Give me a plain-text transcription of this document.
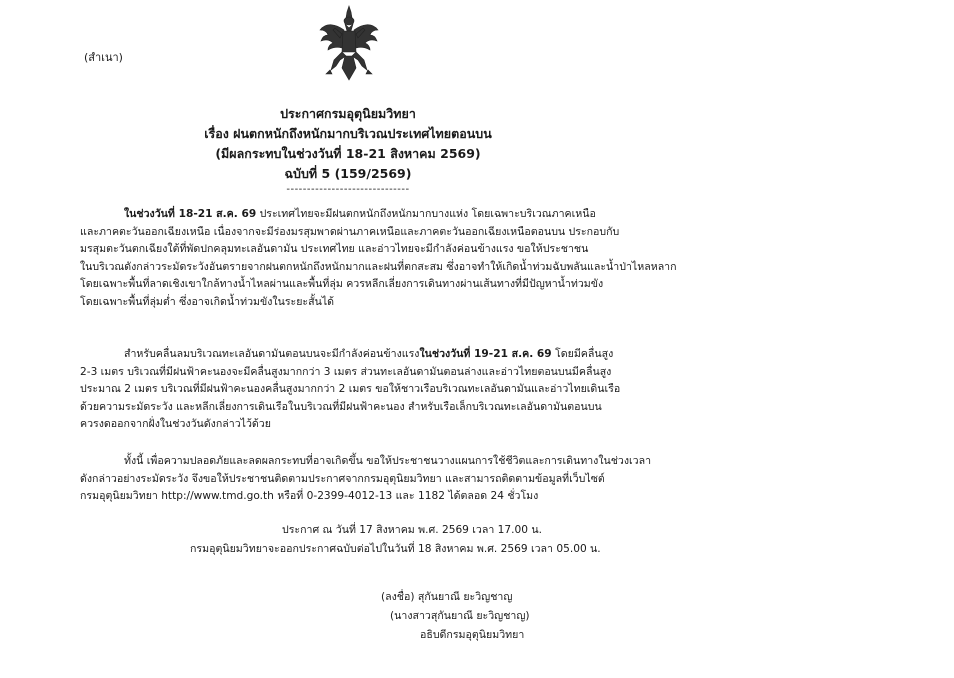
(สำเนา)
ประกาศกรมอุตุนิยมวิทยา
เรื่อง ฝนตกหนักถึงหนักมากบริเวณประเทศไทยตอนบน
(มีผลกระทบในช่วงวันที่ 18-21 สิงหาคม 2569)
ฉบับที่ 5 (159/2569)
------------------------------
ในช่วงวันที่ 18-21 ส.ค. 69 ประเทศไทยจะมีฝนตกหนักถึงหนักมากบางแห่ง โดยเฉพาะบริเวณภาคเหนือ
และภาคตะวันออกเฉียงเหนือ เนื่องจากจะมีร่องมรสุมพาดผ่านภาคเหนือและภาคตะวันออกเฉียงเหนือตอนบน ประกอบกับ
มรสุมตะวันตกเฉียงใต้ที่พัดปกคลุมทะเลอันดามัน ประเทศไทย และอ่าวไทยจะมีกำลังค่อนข้างแรง ขอให้ประชาชน
ในบริเวณดังกล่าวระมัดระวังอันตรายจากฝนตกหนักถึงหนักมากและฝนที่ตกสะสม ซึ่งอาจทำให้เกิดน้ำท่วมฉับพลันและน้ำป่าไหลหลาก
โดยเฉพาะพื้นที่ลาดเชิงเขาใกล้ทางน้ำไหลผ่านและพื้นที่ลุ่ม ควรหลีกเลี่ยงการเดินทางผ่านเส้นทางที่มีปัญหาน้ำท่วมขัง
โดยเฉพาะพื้นที่ลุ่มต่ำ ซึ่งอาจเกิดน้ำท่วมขังในระยะสั้นได้
สำหรับคลื่นลมบริเวณทะเลอันดามันตอนบนจะมีกำลังค่อนข้างแรงในช่วงวันที่ 19-21 ส.ค. 69 โดยมีคลื่นสูง
2-3 เมตร บริเวณที่มีฝนฟ้าคะนองจะมีคลื่นสูงมากกว่า 3 เมตร ส่วนทะเลอันดามันตอนล่างและอ่าวไทยตอนบนมีคลื่นสูง
ประมาณ 2 เมตร บริเวณที่มีฝนฟ้าคะนองคลื่นสูงมากกว่า 2 เมตร ขอให้ชาวเรือบริเวณทะเลอันดามันและอ่าวไทยเดินเรือ
ด้วยความระมัดระวัง และหลีกเลี่ยงการเดินเรือในบริเวณที่มีฝนฟ้าคะนอง สำหรับเรือเล็กบริเวณทะเลอันดามันตอนบน
ควรงดออกจากฝั่งในช่วงวันดังกล่าวไว้ด้วย
ทั้งนี้ เพื่อความปลอดภัยและลดผลกระทบที่อาจเกิดขึ้น ขอให้ประชาชนวางแผนการใช้ชีวิตและการเดินทางในช่วงเวลา
ดังกล่าวอย่างระมัดระวัง จึงขอให้ประชาชนติดตามประกาศจากกรมอุตุนิยมวิทยา และสามารถติดตามข้อมูลที่เว็บไซต์
กรมอุตุนิยมวิทยา http://www.tmd.go.th หรือที่ 0-2399-4012-13 และ 1182 ได้ตลอด 24 ชั่วโมง
ประกาศ ณ วันที่ 17 สิงหาคม พ.ศ. 2569 เวลา 17.00 น.
กรมอุตุนิยมวิทยาจะออกประกาศฉบับต่อไปในวันที่ 18 สิงหาคม พ.ศ. 2569 เวลา 05.00 น.
(ลงชื่อ) สุกันยาณี ยะวิญชาญ
(นางสาวสุกันยาณี ยะวิญชาญ)
อธิบดีกรมอุตุนิยมวิทยา
